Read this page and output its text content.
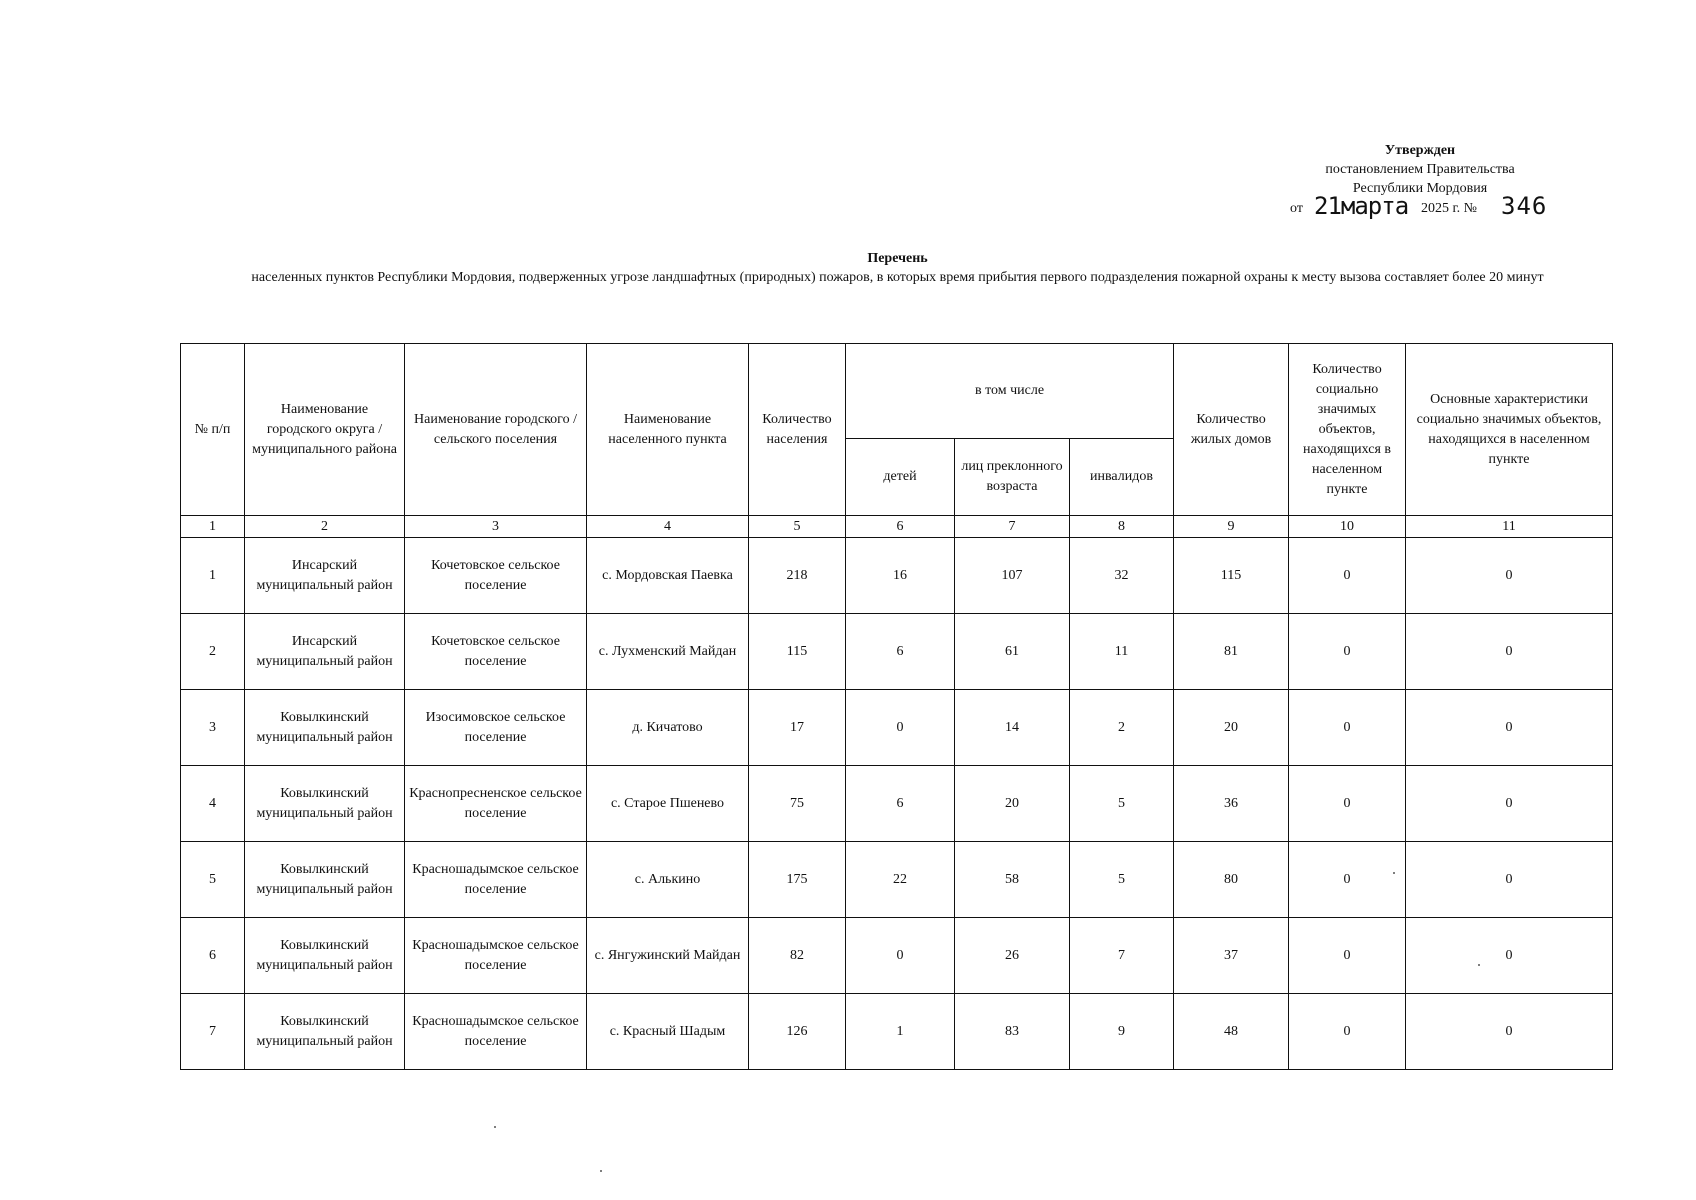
Утвержден
постановлением Правительства
Республики Мордовия
от 21марта 2025 г. № 346
Перечень
населенных пунктов Республики Мордовия, подверженных угрозе ландшафтных (природных) пожаров, в которых время прибытия первого подразделения пожарной охраны к месту вызова составляет более 20 минут
№ п/п	Наименование городского округа / муниципального района	Наименование городского / сельского поселения	Наименование населенного пункта	Количество населения	в том числе			Количество жилых домов	Количество социально значимых объектов, находящихся в населенном пункте	Основные характеристики социально значимых объектов, находящихся в населенном пункте
					детей	лиц преклонного возраста	инвалидов			
1	2	3	4	5	6	7	8	9	10	11
1	Инсарский муниципальный район	Кочетовское сельское поселение	с. Мордовская Паевка	218	16	107	32	115	0	0
2	Инсарский муниципальный район	Кочетовское сельское поселение	с. Лухменский Майдан	115	6	61	11	81	0	0
3	Ковылкинский муниципальный район	Изосимовское сельское поселение	д. Кичатово	17	0	14	2	20	0	0
4	Ковылкинский муниципальный район	Краснопресненское сельское поселение	с. Старое Пшенево	75	6	20	5	36	0	0
5	Ковылкинский муниципальный район	Красношадымское сельское поселение	с. Алькино	175	22	58	5	80	0	0
6	Ковылкинский муниципальный район	Красношадымское сельское поселение	с. Янгужинский Майдан	82	0	26	7	37	0	0
7	Ковылкинский муниципальный район	Красношадымское сельское поселение	с. Красный Шадым	126	1	83	9	48	0	0
